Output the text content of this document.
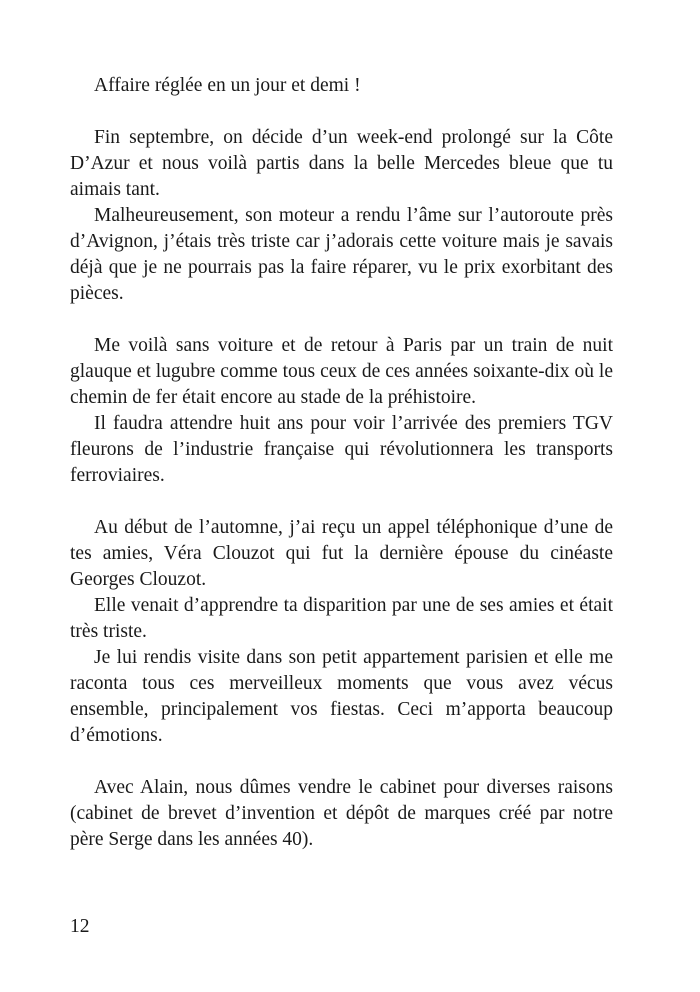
Affaire réglée en un jour et demi !

Fin septembre, on décide d’un week-end prolongé sur la Côte D’Azur et nous voilà partis dans la belle Mercedes bleue que tu aimais tant.

Malheureusement, son moteur a rendu l’âme sur l’autoroute près d’Avignon, j’étais très triste car j’adorais cette voiture mais je savais déjà que je ne pourrais pas la faire réparer, vu le prix exorbitant des pièces.

Me voilà sans voiture et de retour à Paris par un train de nuit glauque et lugubre comme tous ceux de ces années soixante-dix où le chemin de fer était encore au stade de la préhistoire.

Il faudra attendre huit ans pour voir l’arrivée des premiers TGV fleurons de l’industrie française qui révolutionnera les transports ferroviaires.

Au début de l’automne, j’ai reçu un appel téléphonique d’une de tes amies, Véra Clouzot qui fut la dernière épouse du cinéaste Georges Clouzot.

Elle venait d’apprendre ta disparition par une de ses amies et était très triste.

Je lui rendis visite dans son petit appartement parisien et elle me raconta tous ces merveilleux moments que vous avez vécus ensemble, principalement vos fiestas. Ceci m’apporta beaucoup d’émotions.

Avec Alain, nous dûmes vendre le cabinet pour diverses raisons (cabinet de brevet d’invention et dépôt de marques créé par notre père Serge dans les années 40).

12
